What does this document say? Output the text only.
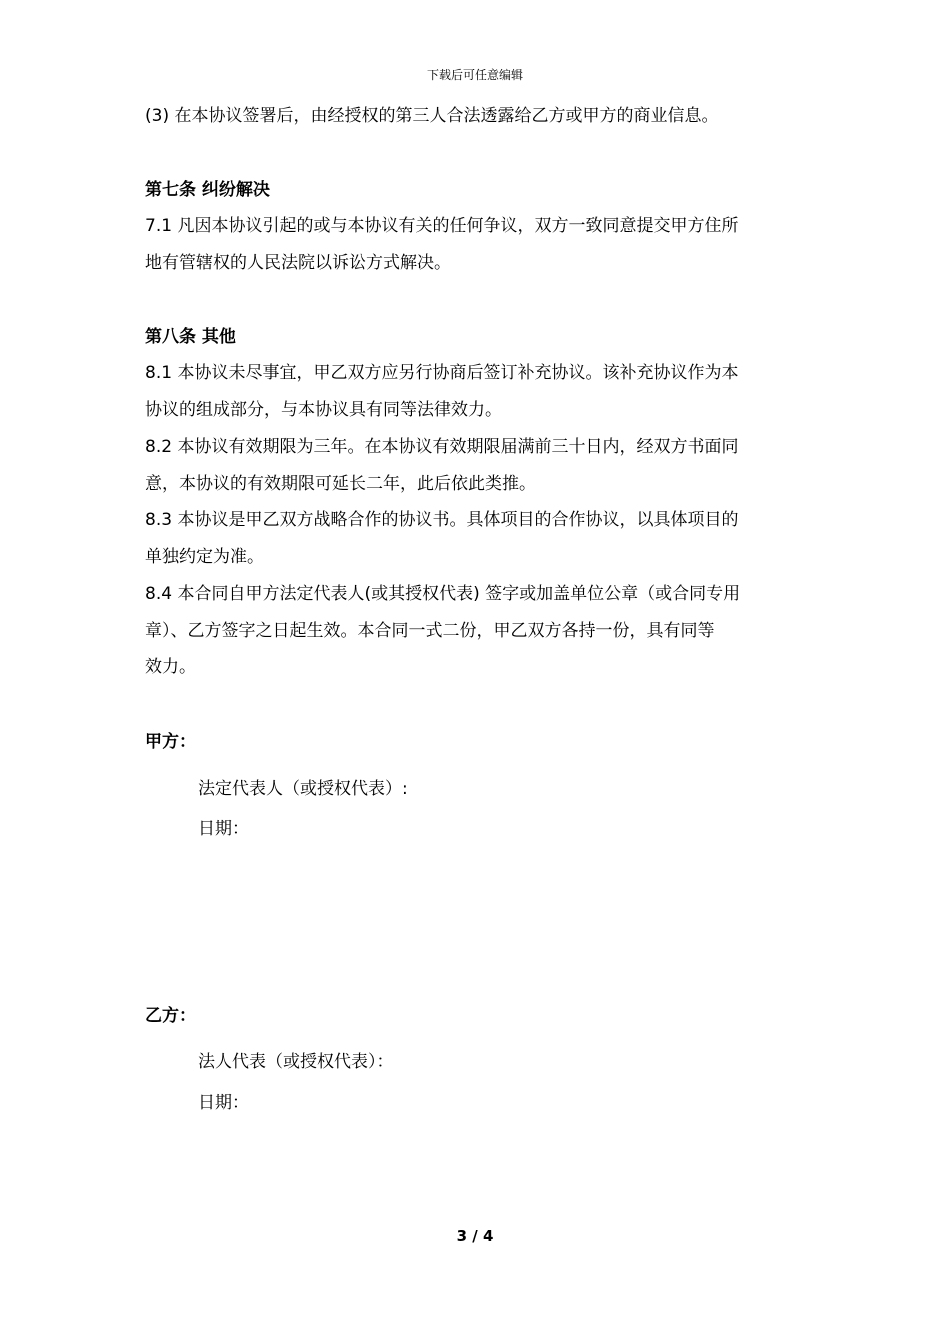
下载后可任意编辑
(3) 在本协议签署后，由经授权的第三人合法透露给乙方或甲方的商业信息。
第七条 纠纷解决
7.1 凡因本协议引起的或与本协议有关的任何争议，双方一致同意提交甲方住所
地有管辖权的人民法院以诉讼方式解决。
第八条 其他
8.1 本协议未尽事宜，甲乙双方应另行协商后签订补充协议。该补充协议作为本
协议的组成部分，与本协议具有同等法律效力。
8.2 本协议有效期限为三年。在本协议有效期限届满前三十日内，经双方书面同
意，本协议的有效期限可延长二年，此后依此类推。
8.3 本协议是甲乙双方战略合作的协议书。具体项目的合作协议，以具体项目的
单独约定为准。
8.4 本合同自甲方法定代表人(或其授权代表) 签字或加盖单位公章（或合同专用
章）、乙方签字之日起生效。本合同一式二份，甲乙双方各持一份，具有同等
效力。
甲方：
法定代表人（或授权代表）:
日期：
乙方：
法人代表（或授权代表）：
日期：
3 / 4
